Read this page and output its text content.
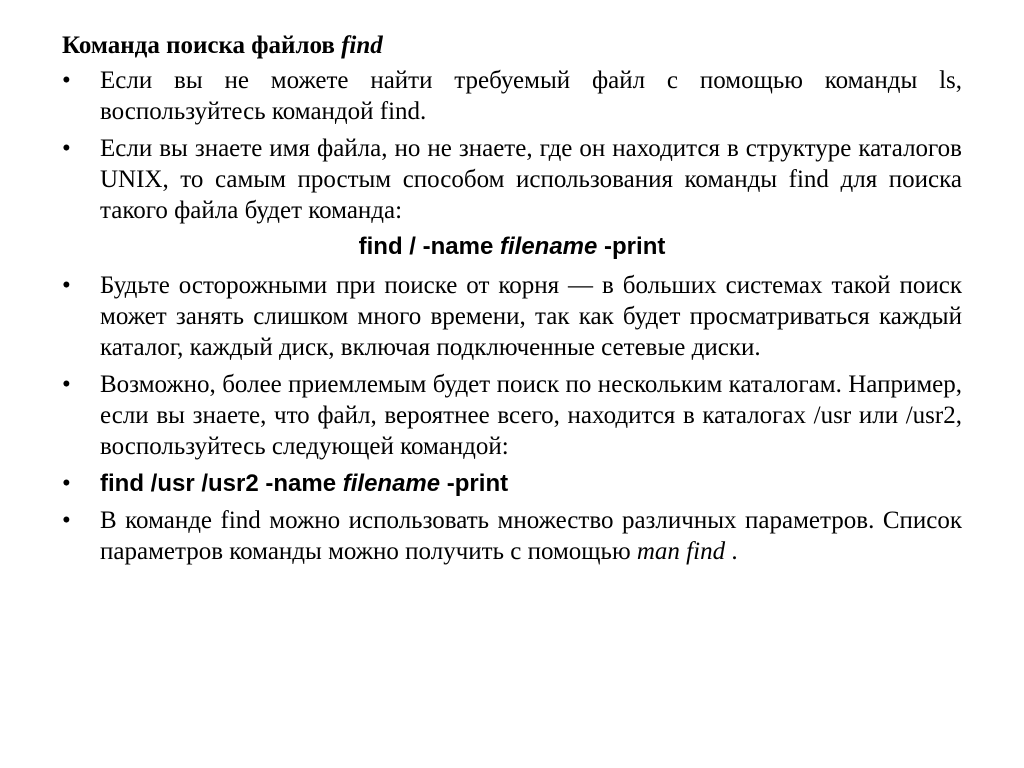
Команда поиска файлов find
•	Если вы не можете найти требуемый файл с помощью команды ls, воспользуйтесь командой find.
•	Если вы знаете имя файла, но не знаете, где он находится в структуре каталогов UNIX, то самым простым способом использования команды find для поиска такого файла будет команда:
find / -name filename -print
•	Будьте осторожными при поиске от корня — в больших системах такой поиск может занять слишком много времени, так как будет просматриваться каждый каталог, каждый диск, включая подключенные сетевые диски.
•	Возможно, более приемлемым будет поиск по нескольким каталогам. Например, если вы знаете, что файл, вероятнее всего, находится в каталогах /usr или /usr2, воспользуйтесь следующей командой:
•	find /usr /usr2 -name filename -print
•	В команде find можно использовать множество различных параметров. Список параметров команды можно получить с помощью man find .
